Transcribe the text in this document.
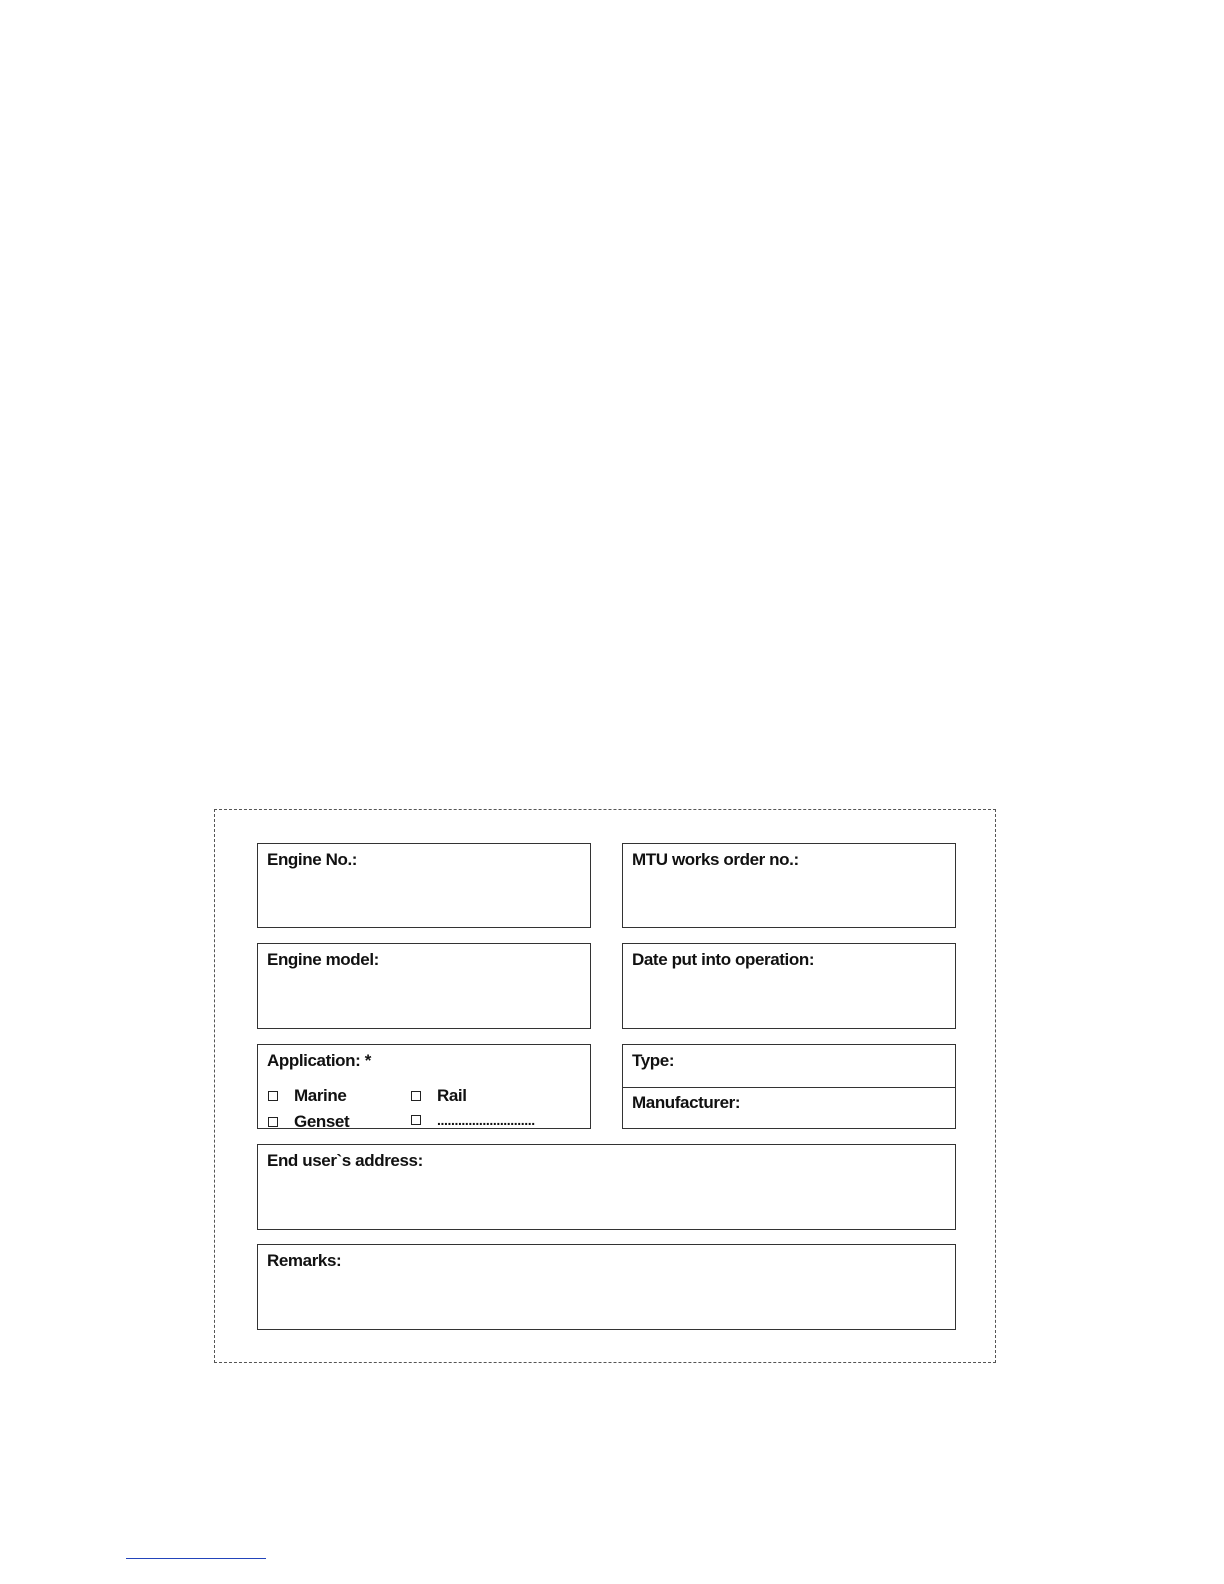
Engine No.:	MTU works order no.:
Engine model:	Date put into operation:
Application: *
Marine	Rail
Genset	............................
Type:
Manufacturer:
End user`s address:
Remarks:
